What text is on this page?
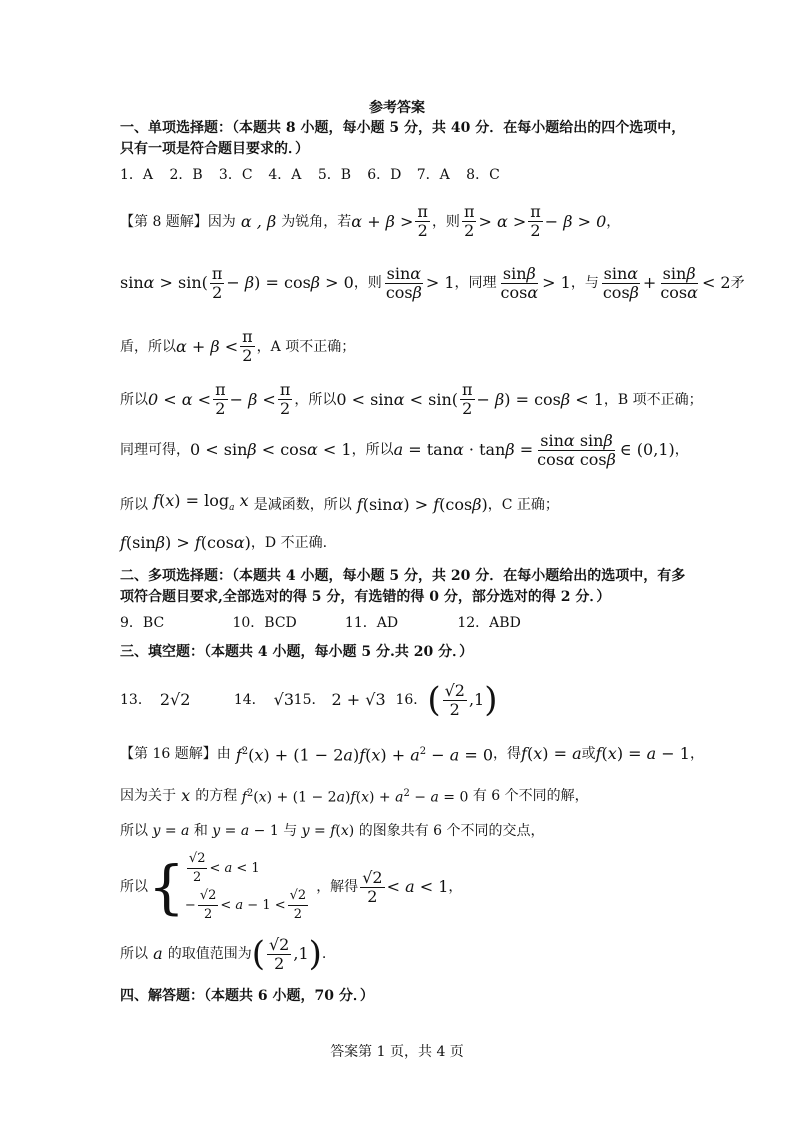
参考答案
一、单项选择题：（本题共 8 小题，每小题 5 分，共 40 分．在每小题给出的四个选项中，
只有一项是符合题目要求的．）
1．A 2．B 3．C 4．A 5．B 6．D 7．A 8．C
【第 8 题解】 因为 α , β 为锐角，若 $\alpha + \beta > \frac{\pi}{2}$ ，则 $\frac{\pi}{2} > \alpha > \frac{\pi}{2} - \beta > 0$ ，
$\sin\alpha > \sin( \frac{\pi}{2} - \beta) = \cos\beta > 0$ ，则 $\frac{\sin\alpha}{\cos\beta} > 1$ ，同理 $\frac{\sin\beta}{\cos\alpha} > 1$ ，与 $\frac{\sin\alpha}{\cos\beta} + \frac{\sin\beta}{\cos\alpha} < 2$ 矛
盾，所以 $\alpha + \beta < \frac{\pi}{2}$ ，A 项不正确；
所以 $0 < \alpha < \frac{\pi}{2} - \beta < \frac{\pi}{2}$ ，所以 $0 < \sin\alpha < \sin( \frac{\pi}{2} - \beta) = \cos\beta < 1$ ，B 项不正确；
同理可得， 0 < sinβ < cosα < 1 ，所以 $a = \tan\alpha \cdot \tan\beta = \frac{\text{sinα sinβ}}{\text{cosα cosβ}}$ ∈ (0,1) ，
所以 $f(x) = \log_a x$ 是减函数，所以 f(sinα) > f(cosβ) ，C 正确；
f(sinβ) > f(cosα) ，D 不正确.
二、多项选择题：（本题共 4 小题，每小题 5 分，共 20 分．在每小题给出的选项中，有多
项符合题目要求,全部选对的得 5 分，有选错的得 0 分，部分选对的得 2 分．）
9．BC	10．BCD	11．AD	12．ABD
三、填空题：（本题共 4 小题，每小题 5 分.共 20 分．）
13． 2√2	14． √3 15． 2 + √3 16． ( $\frac{√2}{2} ,1$ )
【第 16 题解】 由 $f^2(x) + (1 - 2a)f(x) + a^2 - a = 0$ ，得 f(x) = a 或 f(x) = a − 1 ，
因为关于 x 的方程 $f^2(x) + (1 - 2a)f(x) + a^2 - a = 0$ 有 6 个不同的解，
所以 y = a 和 y = a − 1 与 y = f(x) 的图象共有 6 个不同的交点，
所以 { $\frac{√2}{2} < a < 1$
− $\frac{√2}{2} < a - 1 < \frac{√2}{2}$ ，解得 $\frac{√2}{2} < a < 1$ ，
所以 a 的取值范围为 ( $\frac{√2}{2} ,1$ ) .
四、解答题：（本题共 6 小题，70 分．）
答案第 1 页，共 4 页
